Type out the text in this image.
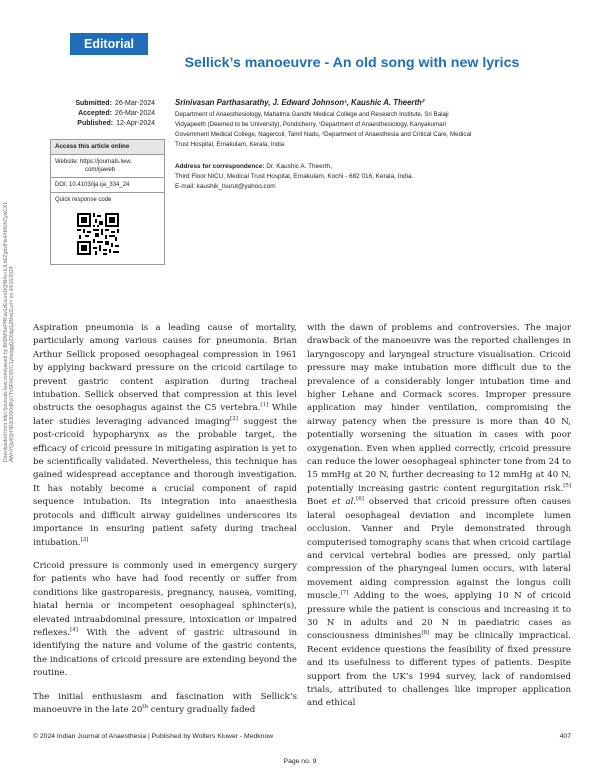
Editorial
Sellick’s manoeuvre - An old song with new lyrics
Submitted: 26-Mar-2024
Accepted: 26-Mar-2024
Published: 12-Apr-2024
Srinivasan Parthasarathy, J. Edward Johnson¹, Kaushic A. Theerth²
Department of Anaesthesiology, Mahatma Gandhi Medical College and Research Institute, Sri Balaji
Vidyapeeth (Deemed to be University), Pondicherry, ¹Department of Anaesthesiology, Kanyakumari
Government Medical College, Nagercoil, Tamil Nadu, ²Department of Anaesthesia and Critical Care, Medical
Trust Hospital, Ernakulam, Kerala, India
Address for correspondence: Dr. Kaushic A. Theerth,
Third Floor NICU, Medical Trust Hospital, Ernakulam, Kochi - 682 016, Kerala, India.
E-mail: kaushik_tsurut@yahoo.com
Access this article online
Website: https://journals.lww.
com/ijaweb
DOI: 10.4103/ija.ija_334_24
Quick response code
Downloaded from http://journals.lww.com/ijaweb by BhDMf5ePHKav1zEoum1tQfN4a+kJLhEZgbsIHo4XMi0hCywCX1 AWnYQp/IlQrHD3i3D0OdRyi7TvSFl4Cf3VC1y0abggQZXdgGj2MwlZLeI= on 04/16/2024 Aspiration pneumonia is a leading cause of mortality, particularly among various causes for pneumonia. Brian Arthur Sellick proposed oesophageal compression in 1961 by applying backward pressure on the cricoid cartilage to prevent gastric content aspiration during tracheal intubation. Sellick observed that compression at this level obstructs the oesophagus against the C5 vertebra.[1] While later studies leveraging advanced imaging[2] suggest the post-cricoid hypopharynx as the probable target, the efficacy of cricoid pressure in mitigating aspiration is yet to be scientifically validated. Nevertheless, this technique has gained widespread acceptance and thorough investigation. It has notably become a crucial component of rapid sequence intubation. Its integration into anaesthesia protocols and difficult airway guidelines underscores its importance in ensuring patient safety during tracheal intubation.[3]

Cricoid pressure is commonly used in emergency surgery for patients who have had food recently or suffer from conditions like gastroparesis, pregnancy, nausea, vomiting, hiatal hernia or incompetent oesophageal sphincter(s), elevated intraabdominal pressure, intoxication or impaired reflexes.[4] With the advent of gastric ultrasound in identifying the nature and volume of the gastric contents, the indications of cricoid pressure are extending beyond the routine.

The initial enthusiasm and fascination with Sellick’s manoeuvre in the late 20th century gradually faded

with the dawn of problems and controversies. The major drawback of the manoeuvre was the reported challenges in laryngoscopy and laryngeal structure visualisation. Cricoid pressure may make intubation more difficult due to the prevalence of a considerably longer intubation time and higher Lehane and Cormack scores. Improper pressure application may hinder ventilation, compromising the airway patency when the pressure is more than 40 N, potentially worsening the situation in cases with poor oxygenation. Even when applied correctly, cricoid pressure can reduce the lower oesophageal sphincter tone from 24 to 15 mmHg at 20 N, further decreasing to 12 mmHg at 40 N, potentially increasing gastric content regurgitation risk.[5] Boet et al.[6] observed that cricoid pressure often causes lateral oesophageal deviation and incomplete lumen occlusion. Vanner and Pryle demonstrated through computerised tomography scans that when cricoid cartilage and cervical vertebral bodies are pressed, only partial compression of the pharyngeal lumen occurs, with lateral movement aiding compression against the longus colli muscle.[7] Adding to the woes, applying 10 N of cricoid pressure while the patient is conscious and increasing it to 30 N in adults and 20 N in paediatric cases as consciousness diminishes[8] may be clinically impractical. Recent evidence questions the feasibility of fixed pressure and its usefulness to different types of patients. Despite support from the UK’s 1994 survey, lack of randomised trials, attributed to challenges like improper application and ethical

© 2024 Indian Journal of Anaesthesia | Published by Wolters Kluwer - Medknow	407
Page no. 9
